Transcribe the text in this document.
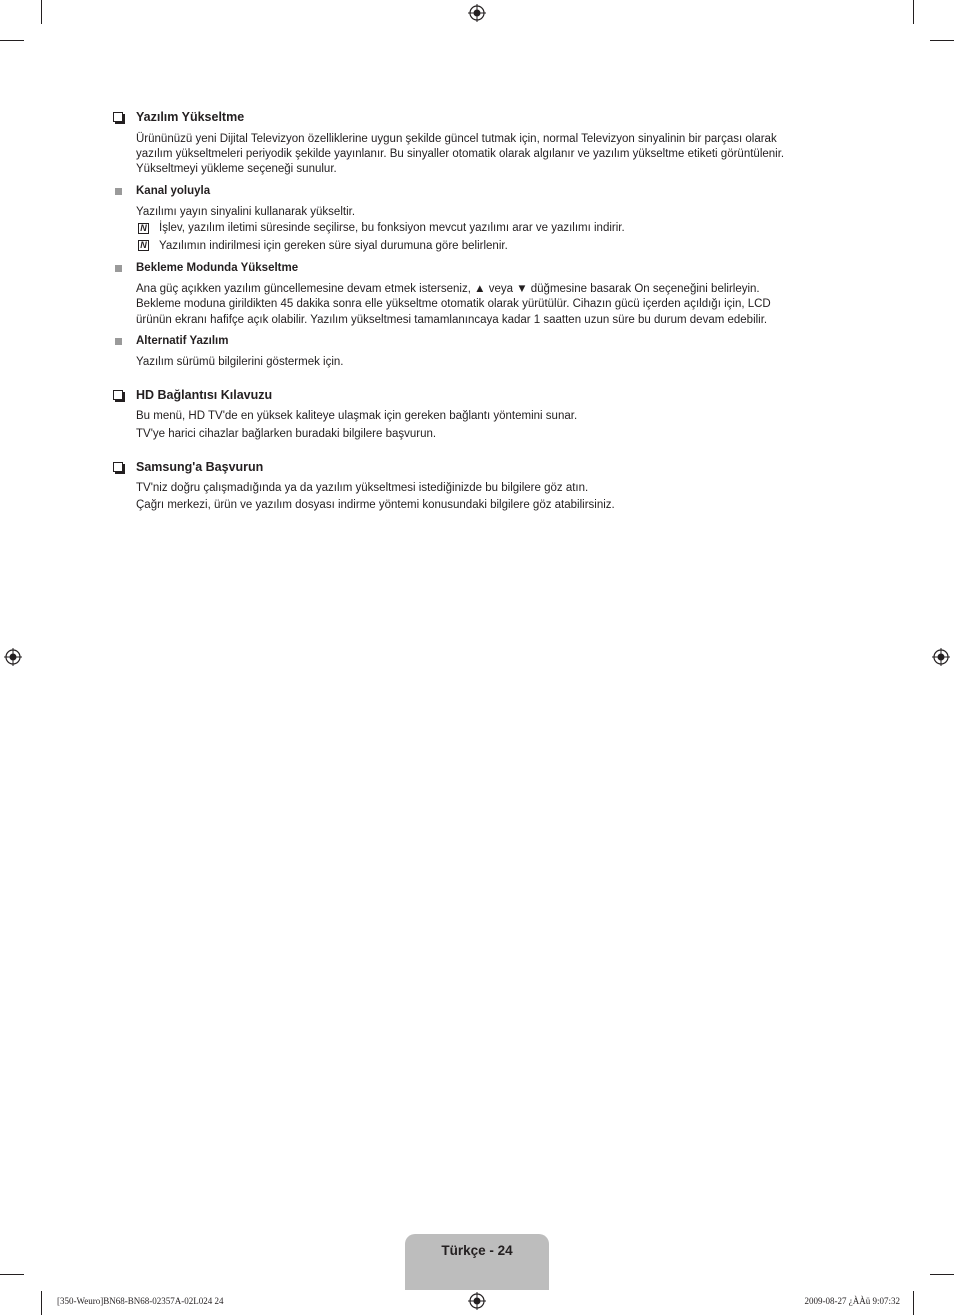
Yazılım Yükseltme
Ürününüzü yeni Dijital Televizyon özelliklerine uygun şekilde güncel tutmak için, normal Televizyon sinyalinin bir parçası olarak
yazılım yükseltmeleri periyodik şekilde yayınlanır. Bu sinyaller otomatik olarak algılanır ve yazılım yükseltme etiketi görüntülenir.
Yükseltmeyi yükleme seçeneği sunulur.
Kanal yoluyla
Yazılımı yayın sinyalini kullanarak yükseltir.
N İşlev, yazılım iletimi süresinde seçilirse, bu fonksiyon mevcut yazılımı arar ve yazılımı indirir.
N Yazılımın indirilmesi için gereken süre siyal durumuna göre belirlenir.
Bekleme Modunda Yükseltme
Ana güç açıkken yazılım güncellemesine devam etmek isterseniz, ▲ veya ▼ düğmesine basarak On seçeneğini belirleyin.
Bekleme moduna girildikten 45 dakika sonra elle yükseltme otomatik olarak yürütülür. Cihazın gücü içerden açıldığı için, LCD
ürünün ekranı hafifçe açık olabilir. Yazılım yükseltmesi tamamlanıncaya kadar 1 saatten uzun süre bu durum devam edebilir.
Alternatif Yazılım
Yazılım sürümü bilgilerini göstermek için.
HD Bağlantısı Kılavuzu
Bu menü, HD TV'de en yüksek kaliteye ulaşmak için gereken bağlantı yöntemini sunar.
TV'ye harici cihazlar bağlarken buradaki bilgilere başvurun.
Samsung'a Başvurun
TV'niz doğru çalışmadığında ya da yazılım yükseltmesi istediğinizde bu bilgilere göz atın.
Çağrı merkezi, ürün ve yazılım dosyası indirme yöntemi konusundaki bilgilere göz atabilirsiniz.
Türkçe - 24
[350-Weuro]BN68-BN68-02357A-02L024 24	2009-08-27 ¿ÀÀü 9:07:32
